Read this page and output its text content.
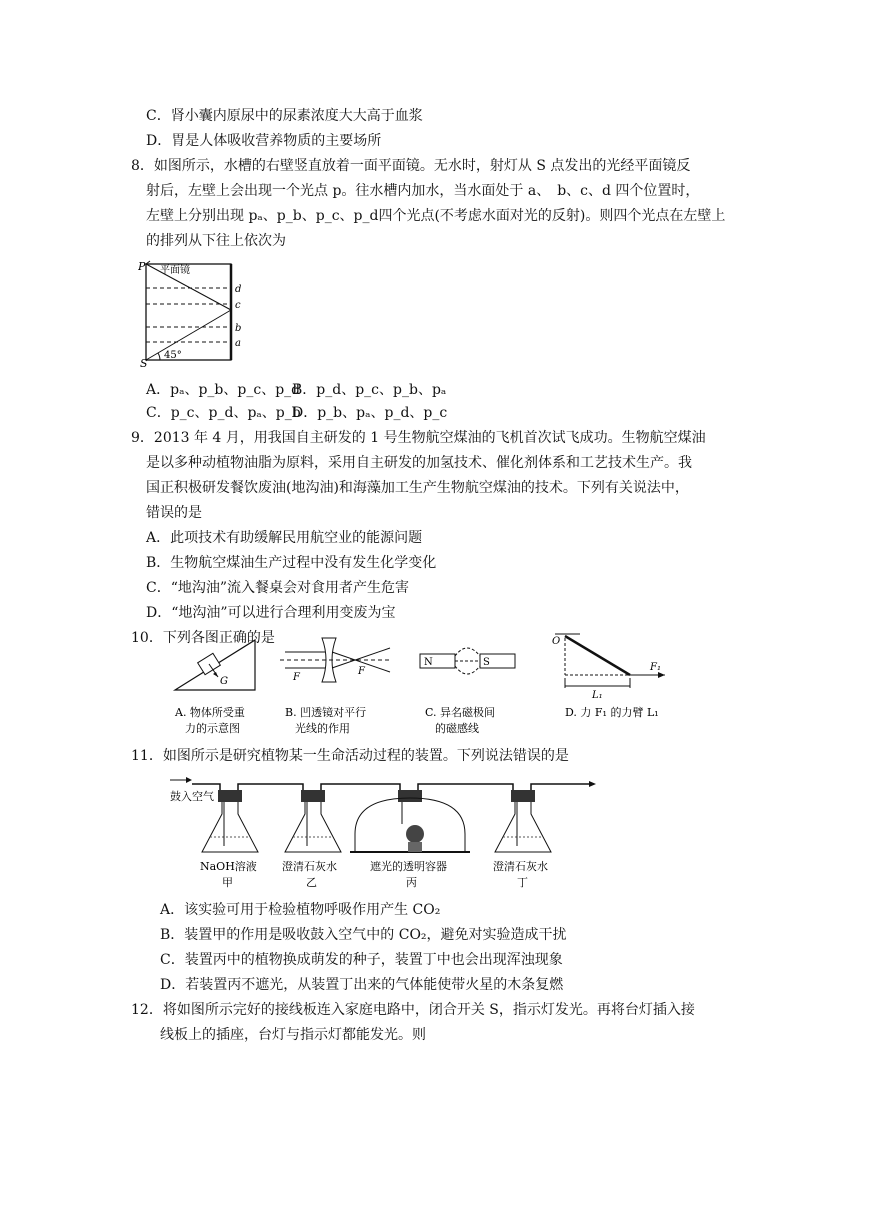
C．肾小囊内原尿中的尿素浓度大大高于血浆
D．胃是人体吸收营养物质的主要场所
8．如图所示，水槽的右壁竖直放着一面平面镜。无水时，射灯从 S 点发出的光经平面镜反
射后，左壁上会出现一个光点 p。往水槽内加水，当水面处于 a、　b、c、d 四个位置时，
左壁上分别出现 pₐ、p_b、p_c、p_d四个光点(不考虑水面对光的反射)。则四个光点在左壁上
的排列从下往上依次为
P 平面镜
d
c
b
a
S
45°
A．pₐ、p_b、p_c、p_d
B．p_d、p_c、p_b、pₐ
C．p_c、p_d、pₐ、p_b
D．p_b、pₐ、p_d、p_c
9．2013 年 4 月，用我国自主研发的 1 号生物航空煤油的飞机首次试飞成功。生物航空煤油
是以多种动植物油脂为原料，采用自主研发的加氢技术、催化剂体系和工艺技术生产。我
国正积极研发餐饮废油(地沟油)和海藻加工生产生物航空煤油的技术。下列有关说法中，
错误的是
A．此项技术有助缓解民用航空业的能源问题
B．生物航空煤油生产过程中没有发生化学变化
C．“地沟油”流入餐桌会对食用者产生危害
D．“地沟油”可以进行合理利用变废为宝
10．下列各图正确的是
G	F
F
N	S
O
F₁
L₁
A. 物体所受重
力的示意图
B. 凹透镜对平行
光线的作用
C. 异名磁极间
的磁感线
D. 力 F₁ 的力臂 L₁
11．如图所示是研究植物某一生命活动过程的装置。下列说法错误的是
鼓入空气
NaOH溶液
甲
澄清石灰水
乙
遮光的透明容器
丙
澄清石灰水
丁
A．该实验可用于检验植物呼吸作用产生 CO₂
B．装置甲的作用是吸收鼓入空气中的 CO₂，避免对实验造成干扰
C．装置丙中的植物换成萌发的种子，装置丁中也会出现浑浊现象
D．若装置丙不遮光，从装置丁出来的气体能使带火星的木条复燃
12．将如图所示完好的接线板连入家庭电路中，闭合开关 S，指示灯发光。再将台灯插入接
线板上的插座，台灯与指示灯都能发光。则
